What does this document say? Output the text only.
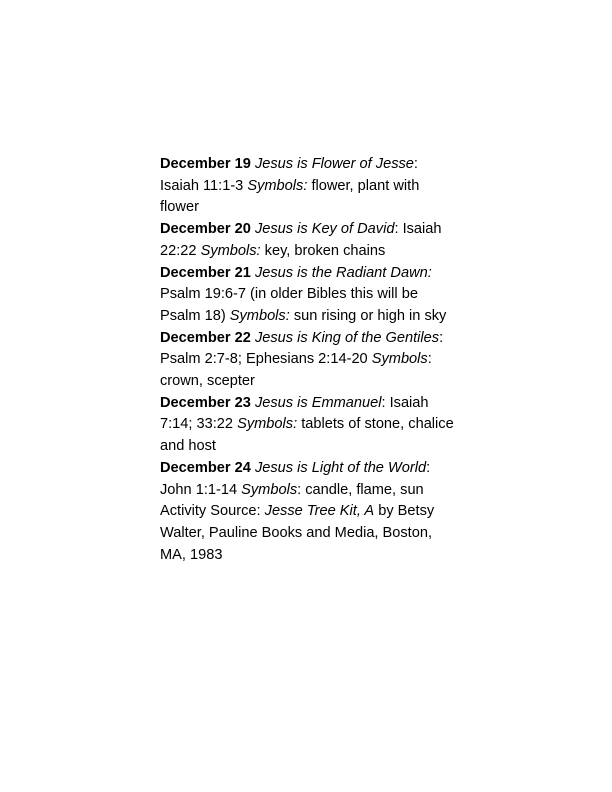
December 19 Jesus is Flower of Jesse: Isaiah 11:1-3 Symbols: flower, plant with flower

December 20 Jesus is Key of David: Isaiah 22:22 Symbols: key, broken chains

December 21 Jesus is the Radiant Dawn: Psalm 19:6-7 (in older Bibles this will be Psalm 18) Symbols: sun rising or high in sky

December 22 Jesus is King of the Gentiles: Psalm 2:7-8; Ephesians 2:14-20 Symbols: crown, scepter

December 23 Jesus is Emmanuel: Isaiah 7:14; 33:22 Symbols: tablets of stone, chalice and host

December 24 Jesus is Light of the World: John 1:1-14 Symbols: candle, flame, sun

Activity Source: Jesse Tree Kit, A by Betsy Walter, Pauline Books and Media, Boston, MA, 1983
